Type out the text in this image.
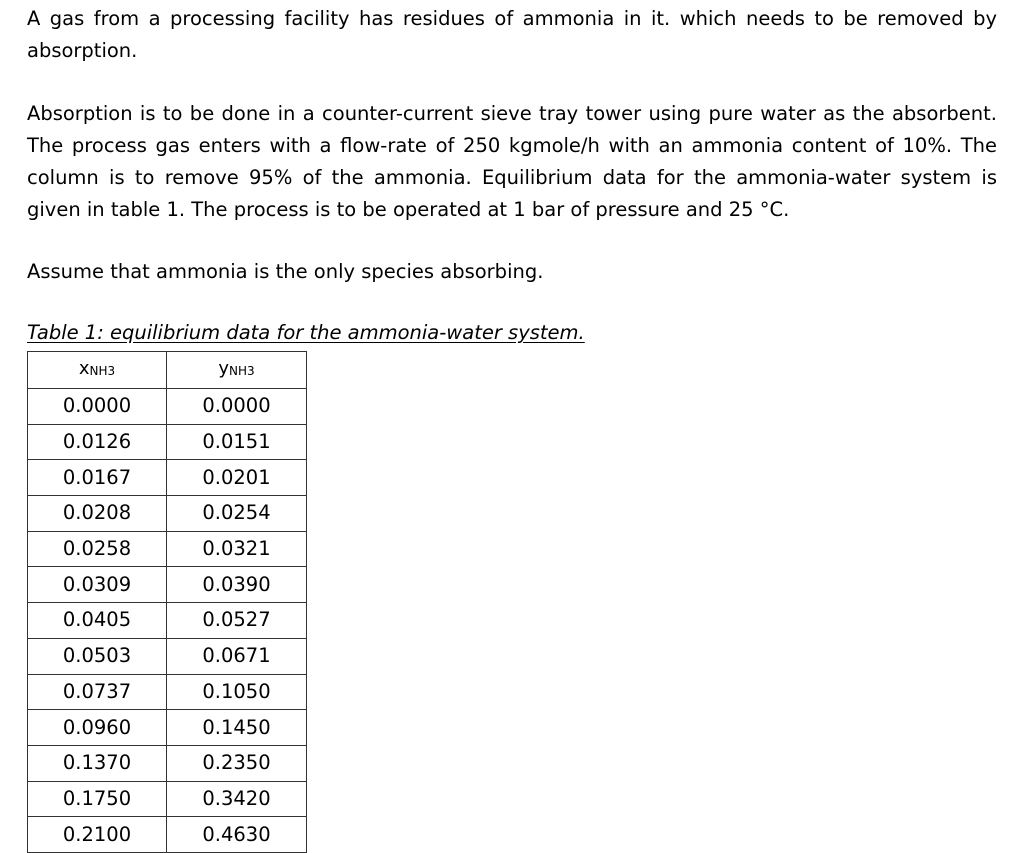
A gas from a processing facility has residues of ammonia in it. which needs to be removed by absorption.

Absorption is to be done in a counter-current sieve tray tower using pure water as the absorbent. The process gas enters with a flow-rate of 250 kgmole/h with an ammonia content of 10%. The column is to remove 95% of the ammonia. Equilibrium data for the ammonia-water system is given in table 1. The process is to be operated at 1 bar of pressure and 25 °C.

Assume that ammonia is the only species absorbing.

Table 1: equilibrium data for the ammonia-water system.

xNH3	yNH3
0.0000	0.0000
0.0126	0.0151
0.0167	0.0201
0.0208	0.0254
0.0258	0.0321
0.0309	0.0390
0.0405	0.0527
0.0503	0.0671
0.0737	0.1050
0.0960	0.1450
0.1370	0.2350
0.1750	0.3420
0.2100	0.4630
